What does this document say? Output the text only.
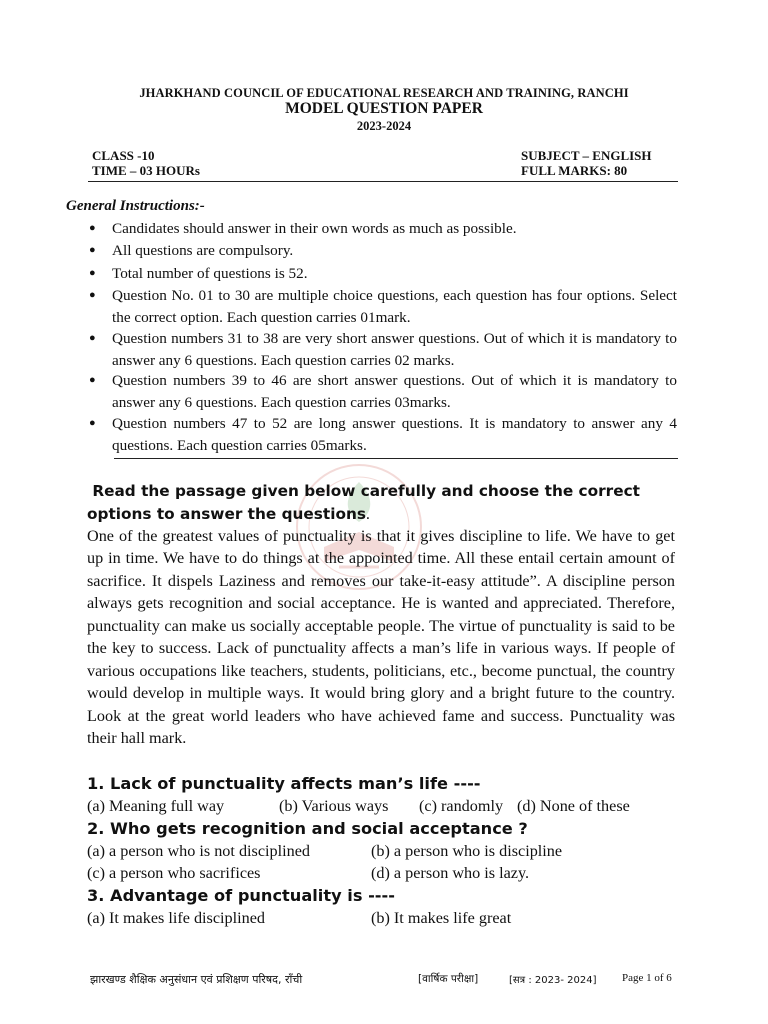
JHARKHAND COUNCIL OF EDUCATIONAL RESEARCH AND TRAINING, RANCHI
MODEL QUESTION PAPER
2023-2024
CLASS -10
TIME – 03 HOURs
SUBJECT – ENGLISH
FULL MARKS: 80
General Instructions:-
● Candidates should answer in their own words as much as possible.
● All questions are compulsory.
● Total number of questions is 52.
● Question No. 01 to 30 are multiple choice questions, each question has four options. Select the correct option. Each question carries 01mark.
● Question numbers 31 to 38 are very short answer questions. Out of which it is mandatory to answer any 6 questions. Each question carries 02 marks.
● Question numbers 39 to 46 are short answer questions. Out of which it is mandatory to answer any 6 questions. Each question carries 03marks.
● Question numbers 47 to 52 are long answer questions. It is mandatory to answer any 4 questions. Each question carries 05marks.
Read the passage given below carefully and choose the correct options to answer the questions.
One of the greatest values of punctuality is that it gives discipline to life. We have to get up in time. We have to do things at the appointed time. All these entail certain amount of sacrifice. It dispels Laziness and removes our take-it-easy attitude”. A discipline person always gets recognition and social acceptance. He is wanted and appreciated. Therefore, punctuality can make us socially acceptable people. The virtue of punctuality is said to be the key to success. Lack of punctuality affects a man’s life in various ways. If people of various occupations like teachers, students, politicians, etc., become punctual, the country would develop in multiple ways. It would bring glory and a bright future to the country. Look at the great world leaders who have achieved fame and success. Punctuality was their hall mark.
1. Lack of punctuality affects man’s life ----
(a) Meaning full way	(b) Various ways (c) randomly (d) None of these
2. Who gets recognition and social acceptance ?
(a) a person who is not disciplined	(b) a person who is discipline
(c) a person who sacrifices	(d) a person who is lazy.
3. Advantage of punctuality is ----
(a) It makes life disciplined	(b) It makes life great
झारखण्ड शैक्षिक अनुसंधान एवं प्रशिक्षण परिषद, राँची	[वार्षिक परीक्षा]	[सत्र : 2023- 2024] Page 1 of 6
